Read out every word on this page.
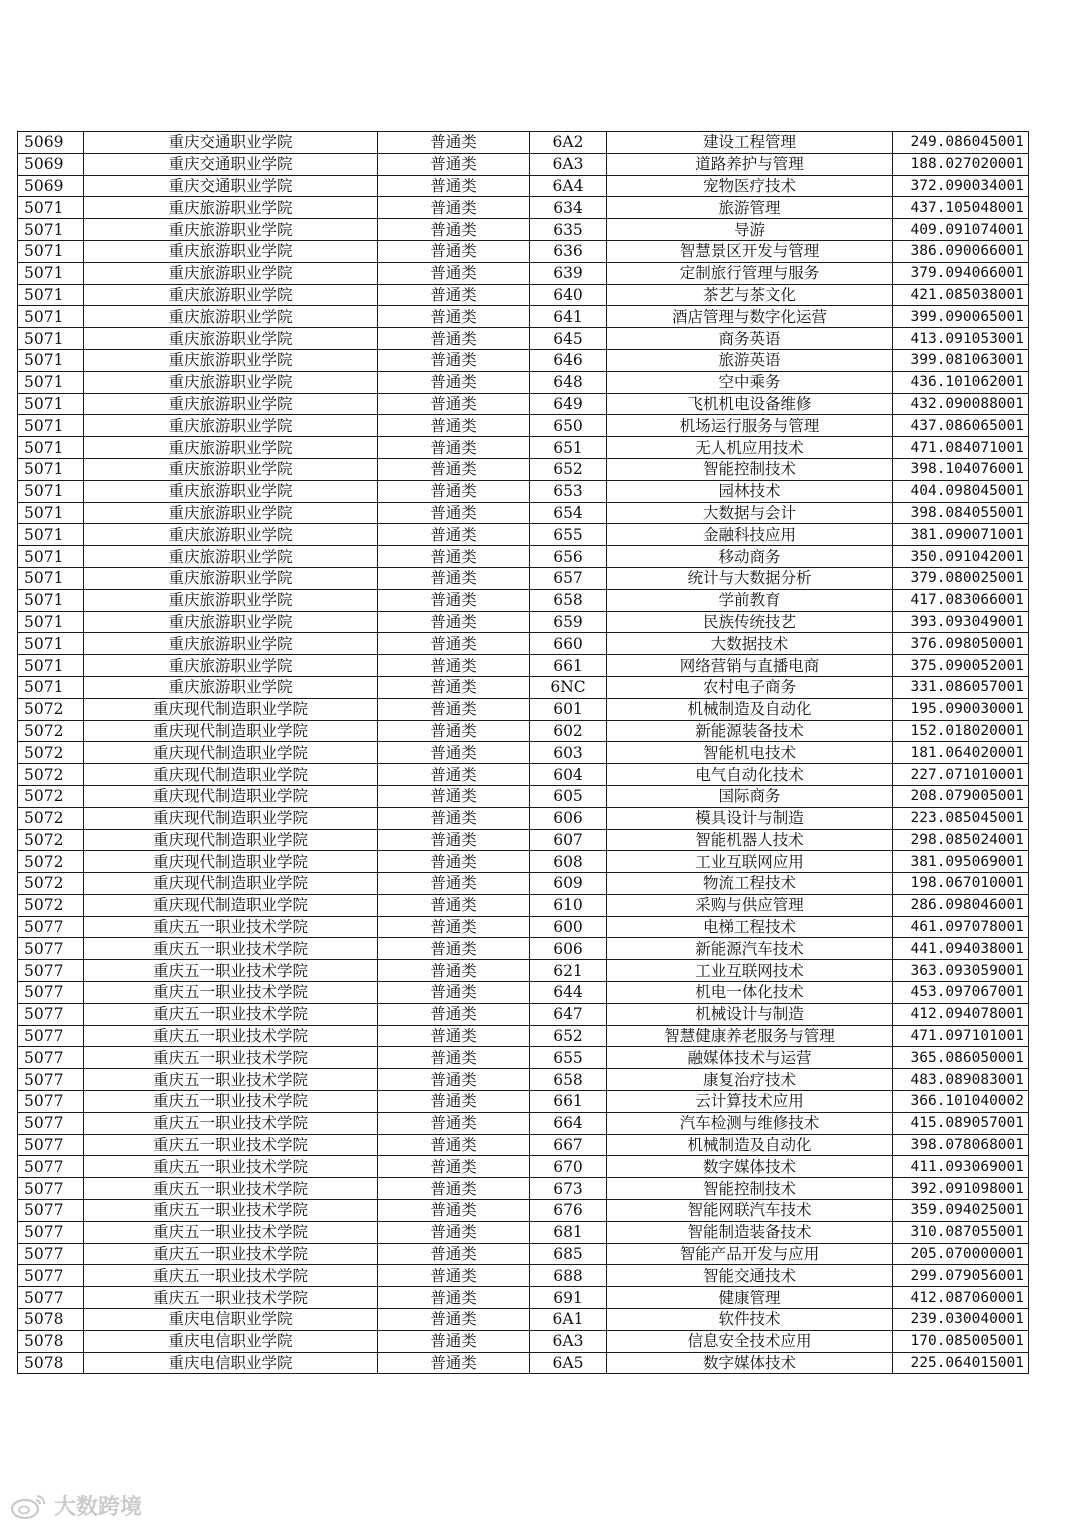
5069	重庆交通职业学院	普通类	6A2	建设工程管理	249.086045001
5069	重庆交通职业学院	普通类	6A3	道路养护与管理	188.027020001
5069	重庆交通职业学院	普通类	6A4	宠物医疗技术	372.090034001
5071	重庆旅游职业学院	普通类	634	旅游管理	437.105048001
5071	重庆旅游职业学院	普通类	635	导游	409.091074001
5071	重庆旅游职业学院	普通类	636	智慧景区开发与管理	386.090066001
5071	重庆旅游职业学院	普通类	639	定制旅行管理与服务	379.094066001
5071	重庆旅游职业学院	普通类	640	茶艺与茶文化	421.085038001
5071	重庆旅游职业学院	普通类	641	酒店管理与数字化运营	399.090065001
5071	重庆旅游职业学院	普通类	645	商务英语	413.091053001
5071	重庆旅游职业学院	普通类	646	旅游英语	399.081063001
5071	重庆旅游职业学院	普通类	648	空中乘务	436.101062001
5071	重庆旅游职业学院	普通类	649	飞机机电设备维修	432.090088001
5071	重庆旅游职业学院	普通类	650	机场运行服务与管理	437.086065001
5071	重庆旅游职业学院	普通类	651	无人机应用技术	471.084071001
5071	重庆旅游职业学院	普通类	652	智能控制技术	398.104076001
5071	重庆旅游职业学院	普通类	653	园林技术	404.098045001
5071	重庆旅游职业学院	普通类	654	大数据与会计	398.084055001
5071	重庆旅游职业学院	普通类	655	金融科技应用	381.090071001
5071	重庆旅游职业学院	普通类	656	移动商务	350.091042001
5071	重庆旅游职业学院	普通类	657	统计与大数据分析	379.080025001
5071	重庆旅游职业学院	普通类	658	学前教育	417.083066001
5071	重庆旅游职业学院	普通类	659	民族传统技艺	393.093049001
5071	重庆旅游职业学院	普通类	660	大数据技术	376.098050001
5071	重庆旅游职业学院	普通类	661	网络营销与直播电商	375.090052001
5071	重庆旅游职业学院	普通类	6NC	农村电子商务	331.086057001
5072	重庆现代制造职业学院	普通类	601	机械制造及自动化	195.090030001
5072	重庆现代制造职业学院	普通类	602	新能源装备技术	152.018020001
5072	重庆现代制造职业学院	普通类	603	智能机电技术	181.064020001
5072	重庆现代制造职业学院	普通类	604	电气自动化技术	227.071010001
5072	重庆现代制造职业学院	普通类	605	国际商务	208.079005001
5072	重庆现代制造职业学院	普通类	606	模具设计与制造	223.085045001
5072	重庆现代制造职业学院	普通类	607	智能机器人技术	298.085024001
5072	重庆现代制造职业学院	普通类	608	工业互联网应用	381.095069001
5072	重庆现代制造职业学院	普通类	609	物流工程技术	198.067010001
5072	重庆现代制造职业学院	普通类	610	采购与供应管理	286.098046001
5077	重庆五一职业技术学院	普通类	600	电梯工程技术	461.097078001
5077	重庆五一职业技术学院	普通类	606	新能源汽车技术	441.094038001
5077	重庆五一职业技术学院	普通类	621	工业互联网技术	363.093059001
5077	重庆五一职业技术学院	普通类	644	机电一体化技术	453.097067001
5077	重庆五一职业技术学院	普通类	647	机械设计与制造	412.094078001
5077	重庆五一职业技术学院	普通类	652	智慧健康养老服务与管理	471.097101001
5077	重庆五一职业技术学院	普通类	655	融媒体技术与运营	365.086050001
5077	重庆五一职业技术学院	普通类	658	康复治疗技术	483.089083001
5077	重庆五一职业技术学院	普通类	661	云计算技术应用	366.101040002
5077	重庆五一职业技术学院	普通类	664	汽车检测与维修技术	415.089057001
5077	重庆五一职业技术学院	普通类	667	机械制造及自动化	398.078068001
5077	重庆五一职业技术学院	普通类	670	数字媒体技术	411.093069001
5077	重庆五一职业技术学院	普通类	673	智能控制技术	392.091098001
5077	重庆五一职业技术学院	普通类	676	智能网联汽车技术	359.094025001
5077	重庆五一职业技术学院	普通类	681	智能制造装备技术	310.087055001
5077	重庆五一职业技术学院	普通类	685	智能产品开发与应用	205.070000001
5077	重庆五一职业技术学院	普通类	688	智能交通技术	299.079056001
5077	重庆五一职业技术学院	普通类	691	健康管理	412.087060001
5078	重庆电信职业学院	普通类	6A1	软件技术	239.030040001
5078	重庆电信职业学院	普通类	6A3	信息安全技术应用	170.085005001
5078	重庆电信职业学院	普通类	6A5	数字媒体技术	225.064015001
大数跨境
